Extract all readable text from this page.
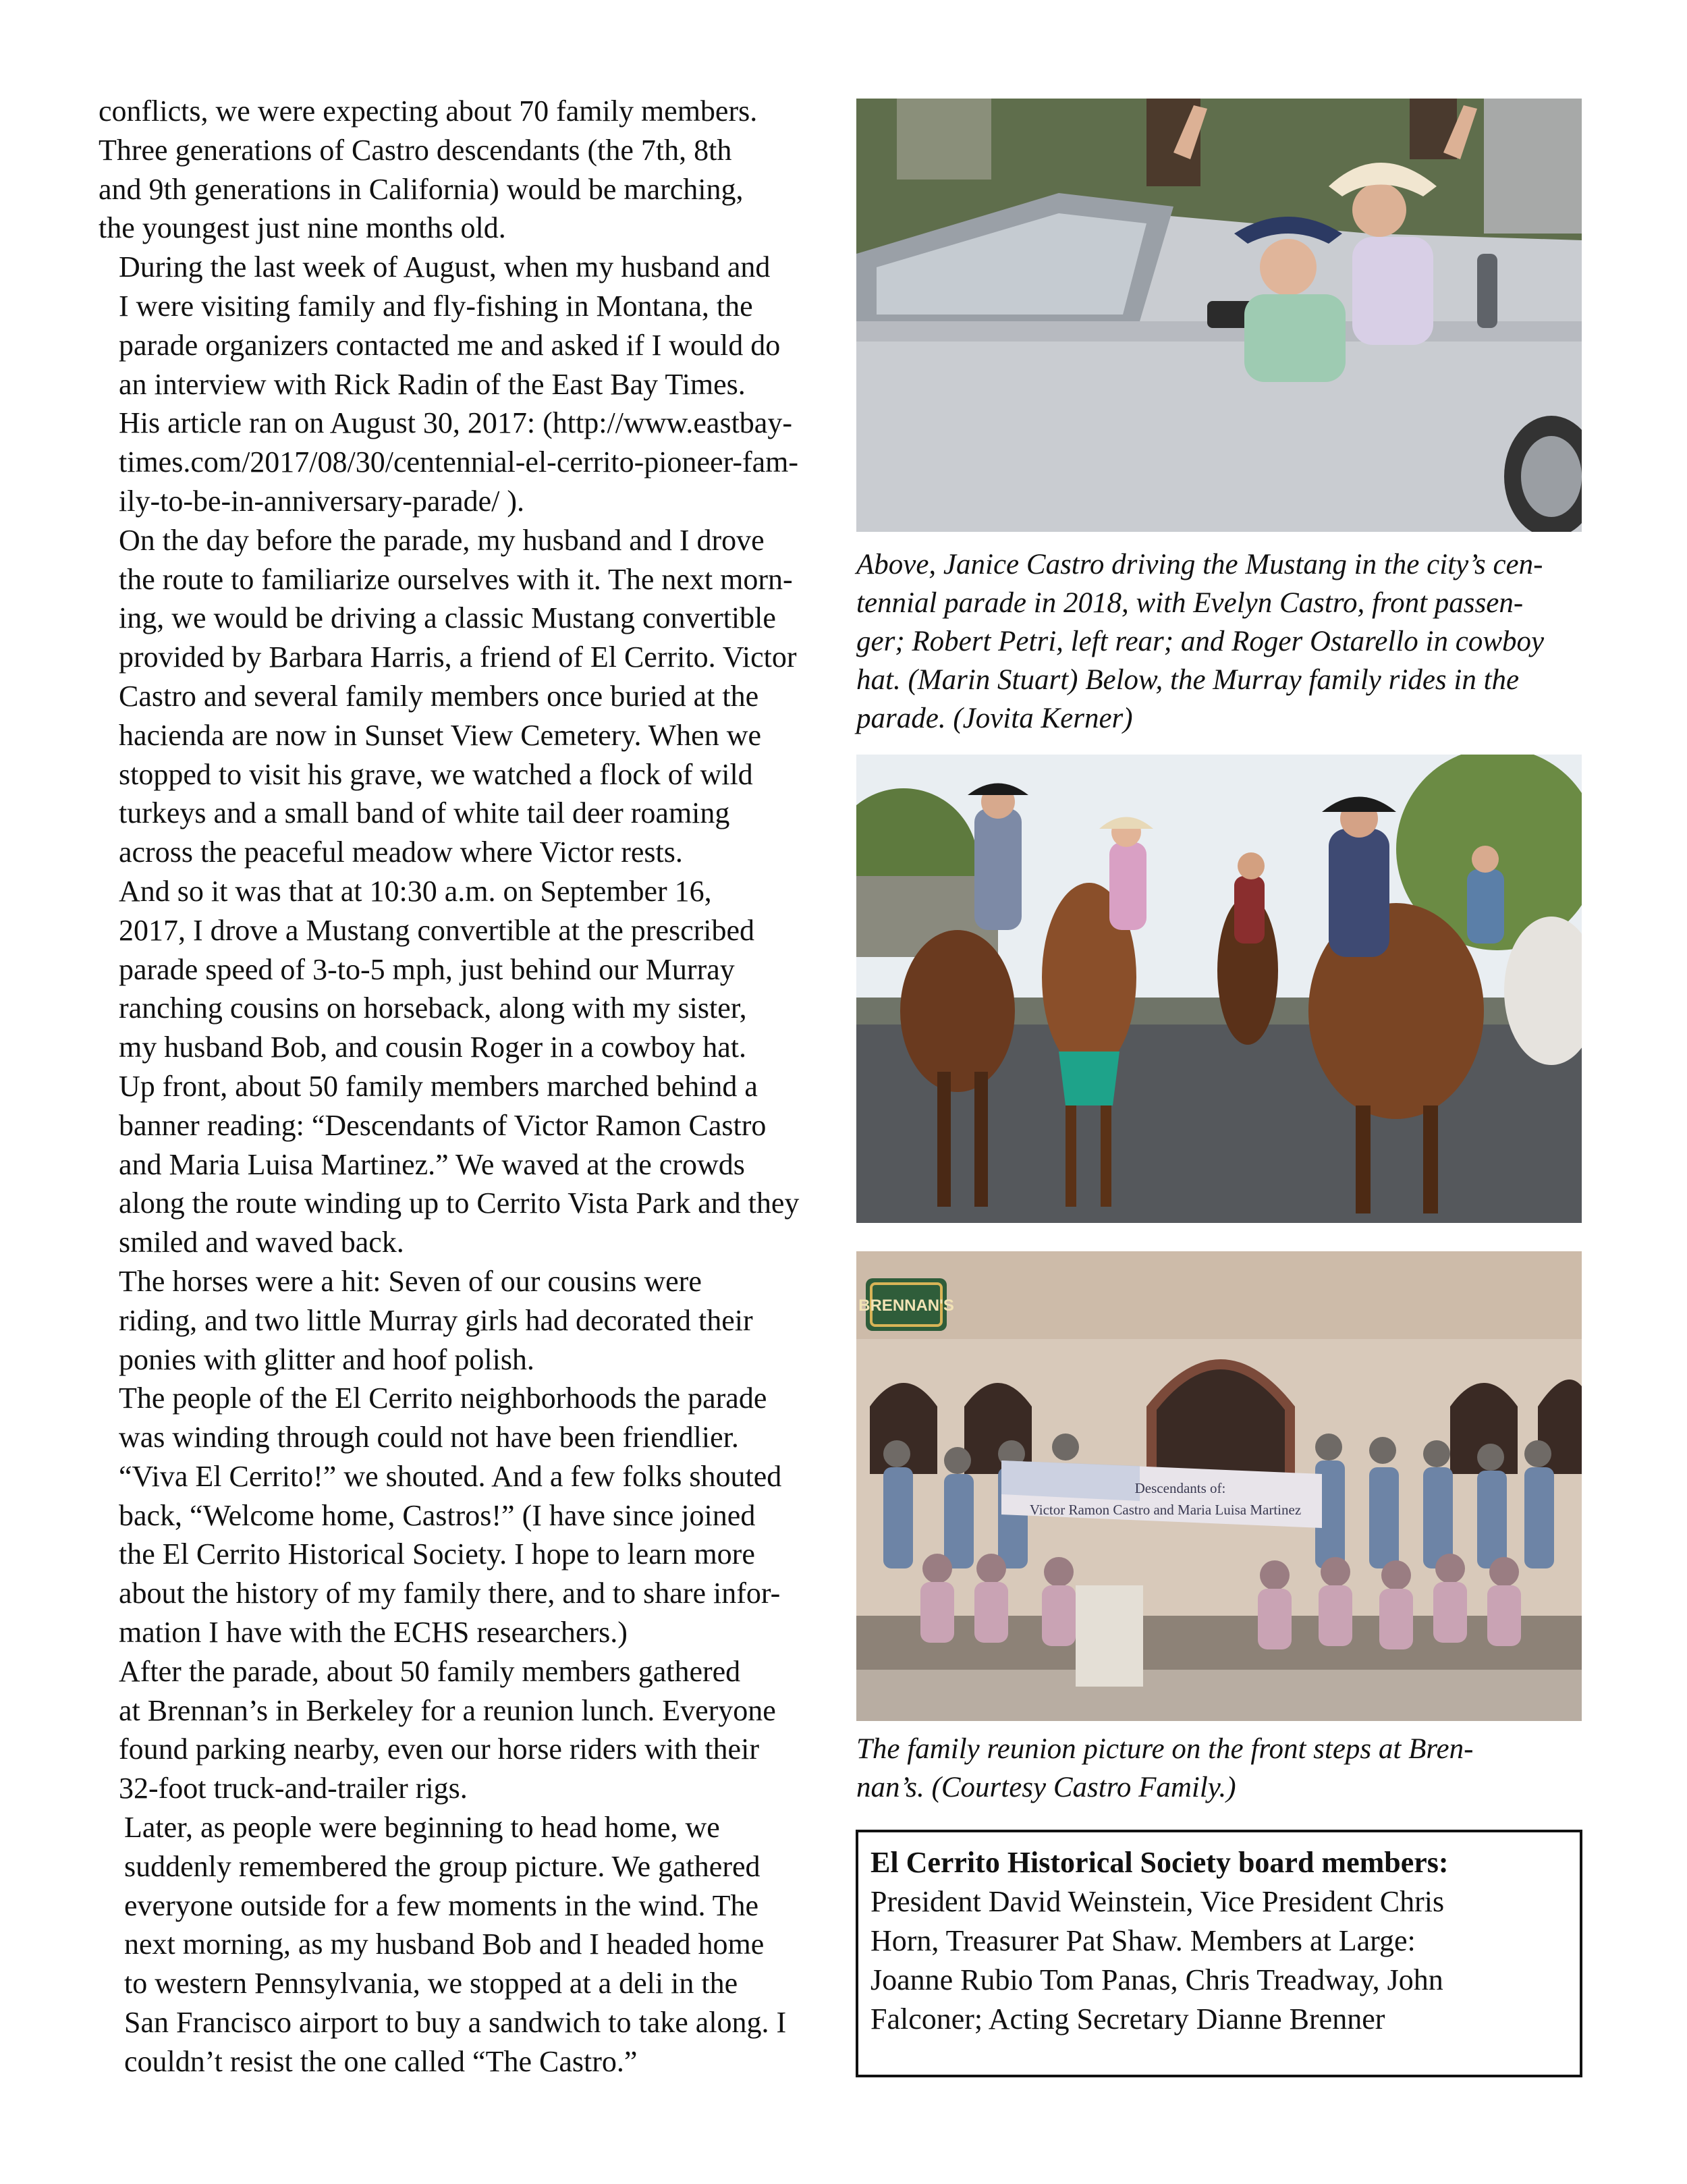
conflicts, we were expecting about 70 family members.
Three generations of Castro descendants (the 7th, 8th
and 9th generations in California) would be marching,
the youngest just nine months old.

During the last week of August, when my husband and
I were visiting family and fly-fishing in Montana, the
parade organizers contacted me and asked if I would do
an interview with Rick Radin of the East Bay Times.
His article ran on August 30, 2017: (http://www.eastbay-
times.com/2017/08/30/centennial-el-cerrito-pioneer-fam-
ily-to-be-in-anniversary-parade/ ).

On the day before the parade, my husband and I drove
the route to familiarize ourselves with it. The next morn-
ing, we would be driving a classic Mustang convertible
provided by Barbara Harris, a friend of El Cerrito. Victor
Castro and several family members once buried at the
hacienda are now in Sunset View Cemetery. When we
stopped to visit his grave, we watched a flock of wild
turkeys and a small band of white tail deer roaming
across the peaceful meadow where Victor rests.

And so it was that at 10:30 a.m. on September 16,
2017, I drove a Mustang convertible at the prescribed
parade speed of 3-to-5 mph, just behind our Murray
ranching cousins on horseback, along with my sister,
my husband Bob, and cousin Roger in a cowboy hat.
Up front, about 50 family members marched behind a
banner reading: “Descendants of Victor Ramon Castro
and Maria Luisa Martinez.” We waved at the crowds
along the route winding up to Cerrito Vista Park and they
smiled and waved back.

The horses were a hit: Seven of our cousins were
riding, and two little Murray girls had decorated their
ponies with glitter and hoof polish.

The people of the El Cerrito neighborhoods the parade
was winding through could not have been friendlier.
“Viva El Cerrito!” we shouted. And a few folks shouted
back, “Welcome home, Castros!” (I have since joined
the El Cerrito Historical Society. I hope to learn more
about the history of my family there, and to share infor-
mation I have with the ECHS researchers.)

After the parade, about 50 family members gathered
at Brennan’s in Berkeley for a reunion lunch. Everyone
found parking nearby, even our horse riders with their
32-foot truck-and-trailer rigs.

Later, as people were beginning to head home, we
suddenly remembered the group picture. We gathered
everyone outside for a few moments in the wind. The
next morning, as my husband Bob and I headed home
to western Pennsylvania, we stopped at a deli in the
San Francisco airport to buy a sandwich to take along. I
couldn’t resist the one called “The Castro.”

Above, Janice Castro driving the Mustang in the city’s cen-
tennial parade in 2018, with Evelyn Castro, front passen-
ger; Robert Petri, left rear; and Roger Ostarello in cowboy
hat. (Marin Stuart) Below, the Murray family rides in the
parade. (Jovita Kerner)
BRENNAN'S
Descendants of:
Victor Ramon Castro and Maria Luisa Martinez
The family reunion picture on the front steps at Bren-
nan’s. (Courtesy Castro Family.)
El Cerrito Historical Society board members:
President David Weinstein, Vice President Chris
Horn, Treasurer Pat Shaw. Members at Large:
Joanne Rubio Tom Panas, Chris Treadway, John
Falconer; Acting Secretary Dianne Brenner
